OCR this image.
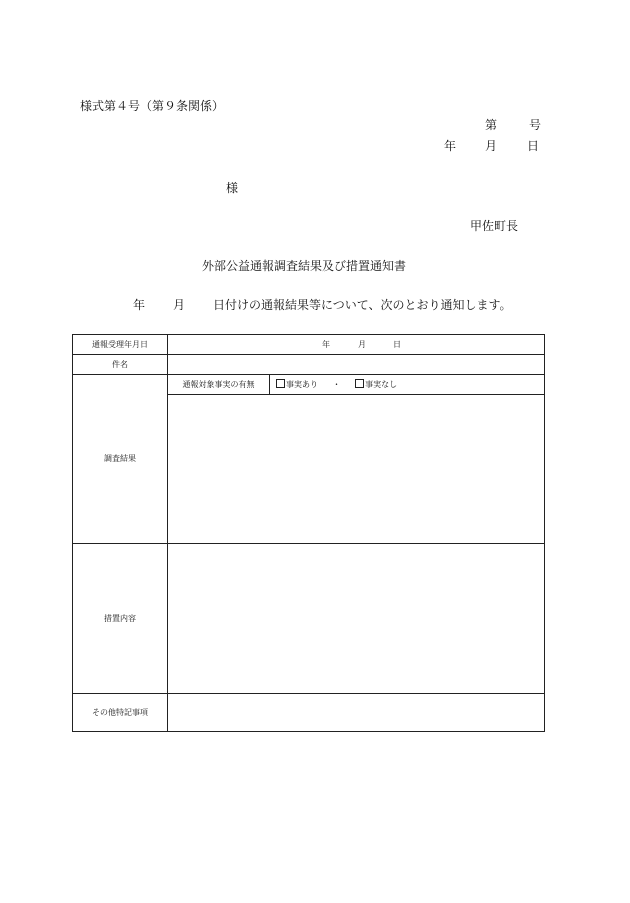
様式第４号（第９条関係）
第	号
年 月 日
様
甲佐町長
外部公益通報調査結果及び措置通知書
年 月 日付けの通報結果等について、次のとおり通知します。
通報受理年月日	年	月	日
件名
調査結果
通報対象事実の有無	事実あり ・	事実なし
措置内容
その他特記事項
